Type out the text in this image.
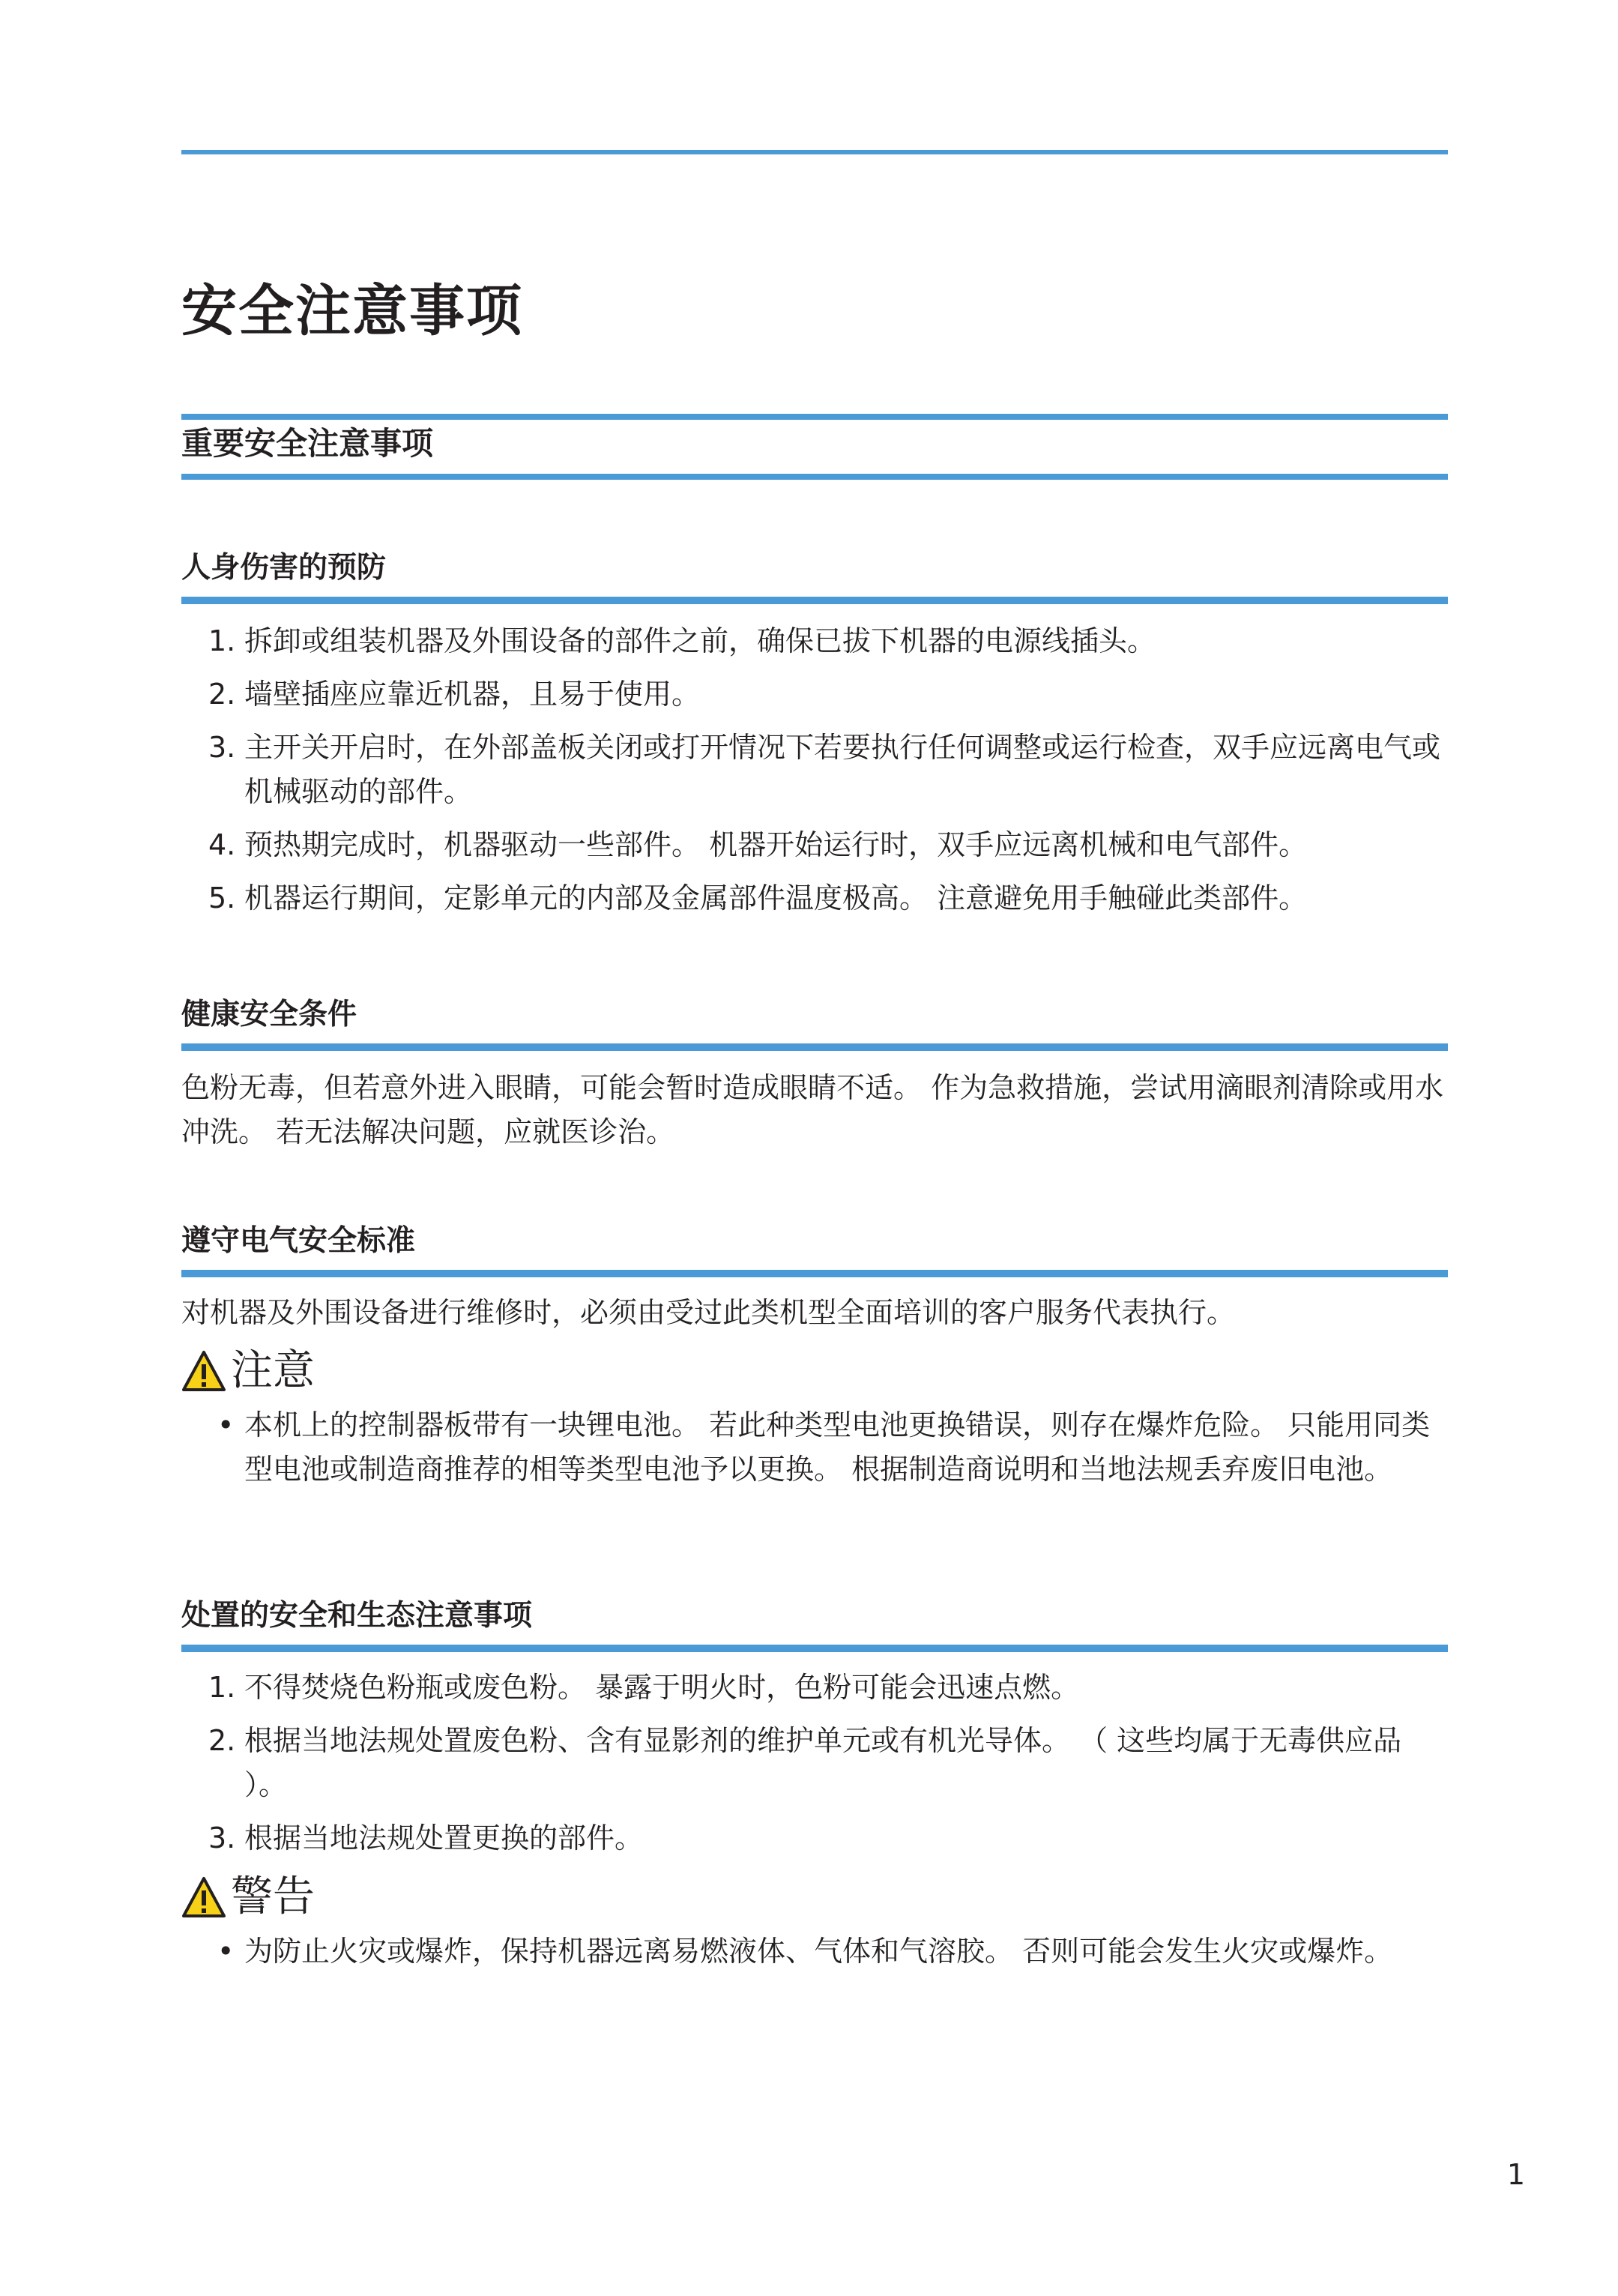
安全注意事项
重要安全注意事项
人身伤害的预防
1. 拆卸或组装机器及外围设备的部件之前，确保已拔下机器的电源线插头。
2. 墙壁插座应靠近机器，且易于使用。
3. 主开关开启时，在外部盖板关闭或打开情况下若要执行任何调整或运行检查，双手应远离电气或机械驱动的部件。
4. 预热期完成时，机器驱动一些部件。 机器开始运行时，双手应远离机械和电气部件。
5. 机器运行期间，定影单元的内部及金属部件温度极高。 注意避免用手触碰此类部件。
健康安全条件
色粉无毒，但若意外进入眼睛，可能会暂时造成眼睛不适。 作为急救措施，尝试用滴眼剂清除或用水冲洗。 若无法解决问题，应就医诊治。
遵守电气安全标准
对机器及外围设备进行维修时，必须由受过此类机型全面培训的客户服务代表执行。
注意
• 本机上的控制器板带有一块锂电池。 若此种类型电池更换错误，则存在爆炸危险。 只能用同类型电池或制造商推荐的相等类型电池予以更换。 根据制造商说明和当地法规丢弃废旧电池。
处置的安全和生态注意事项
1. 不得焚烧色粉瓶或废色粉。 暴露于明火时，色粉可能会迅速点燃。
2. 根据当地法规处置废色粉、含有显影剂的维护单元或有机光导体。 （ 这些均属于无毒供应品 ）。
3. 根据当地法规处置更换的部件。
警告
• 为防止火灾或爆炸，保持机器远离易燃液体、气体和气溶胶。 否则可能会发生火灾或爆炸。
1
